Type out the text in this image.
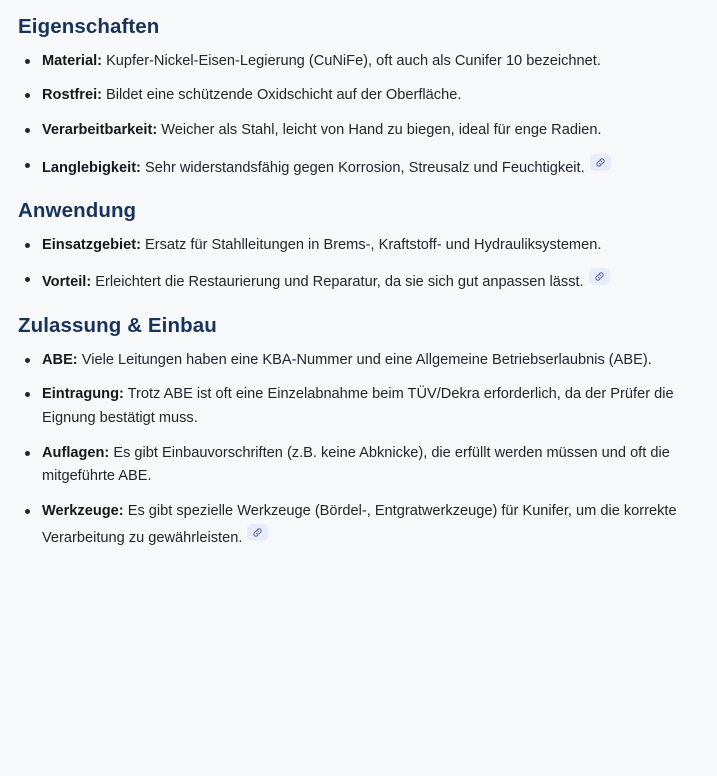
Eigenschaften
Material: Kupfer-Nickel-Eisen-Legierung (CuNiFe), oft auch als Cunifer 10 bezeichnet.
Rostfrei: Bildet eine schützende Oxidschicht auf der Oberfläche.
Verarbeitbarkeit: Weicher als Stahl, leicht von Hand zu biegen, ideal für enge Radien.
Langlebigkeit: Sehr widerstandsfähig gegen Korrosion, Streusalz und Feuchtigkeit.
Anwendung
Einsatzgebiet: Ersatz für Stahlleitungen in Brems-, Kraftstoff- und Hydrauliksystemen.
Vorteil: Erleichtert die Restaurierung und Reparatur, da sie sich gut anpassen lässt.
Zulassung & Einbau
ABE: Viele Leitungen haben eine KBA-Nummer und eine Allgemeine Betriebserlaubnis (ABE).
Eintragung: Trotz ABE ist oft eine Einzelabnahme beim TÜV/Dekra erforderlich, da der Prüfer die Eignung bestätigt muss.
Auflagen: Es gibt Einbauvorschriften (z.B. keine Abknicke), die erfüllt werden müssen und oft die mitgeführte ABE.
Werkzeuge: Es gibt spezielle Werkzeuge (Bördel-, Entgratwerkzeuge) für Kunifer, um die korrekte Verarbeitung zu gewährleisten.
